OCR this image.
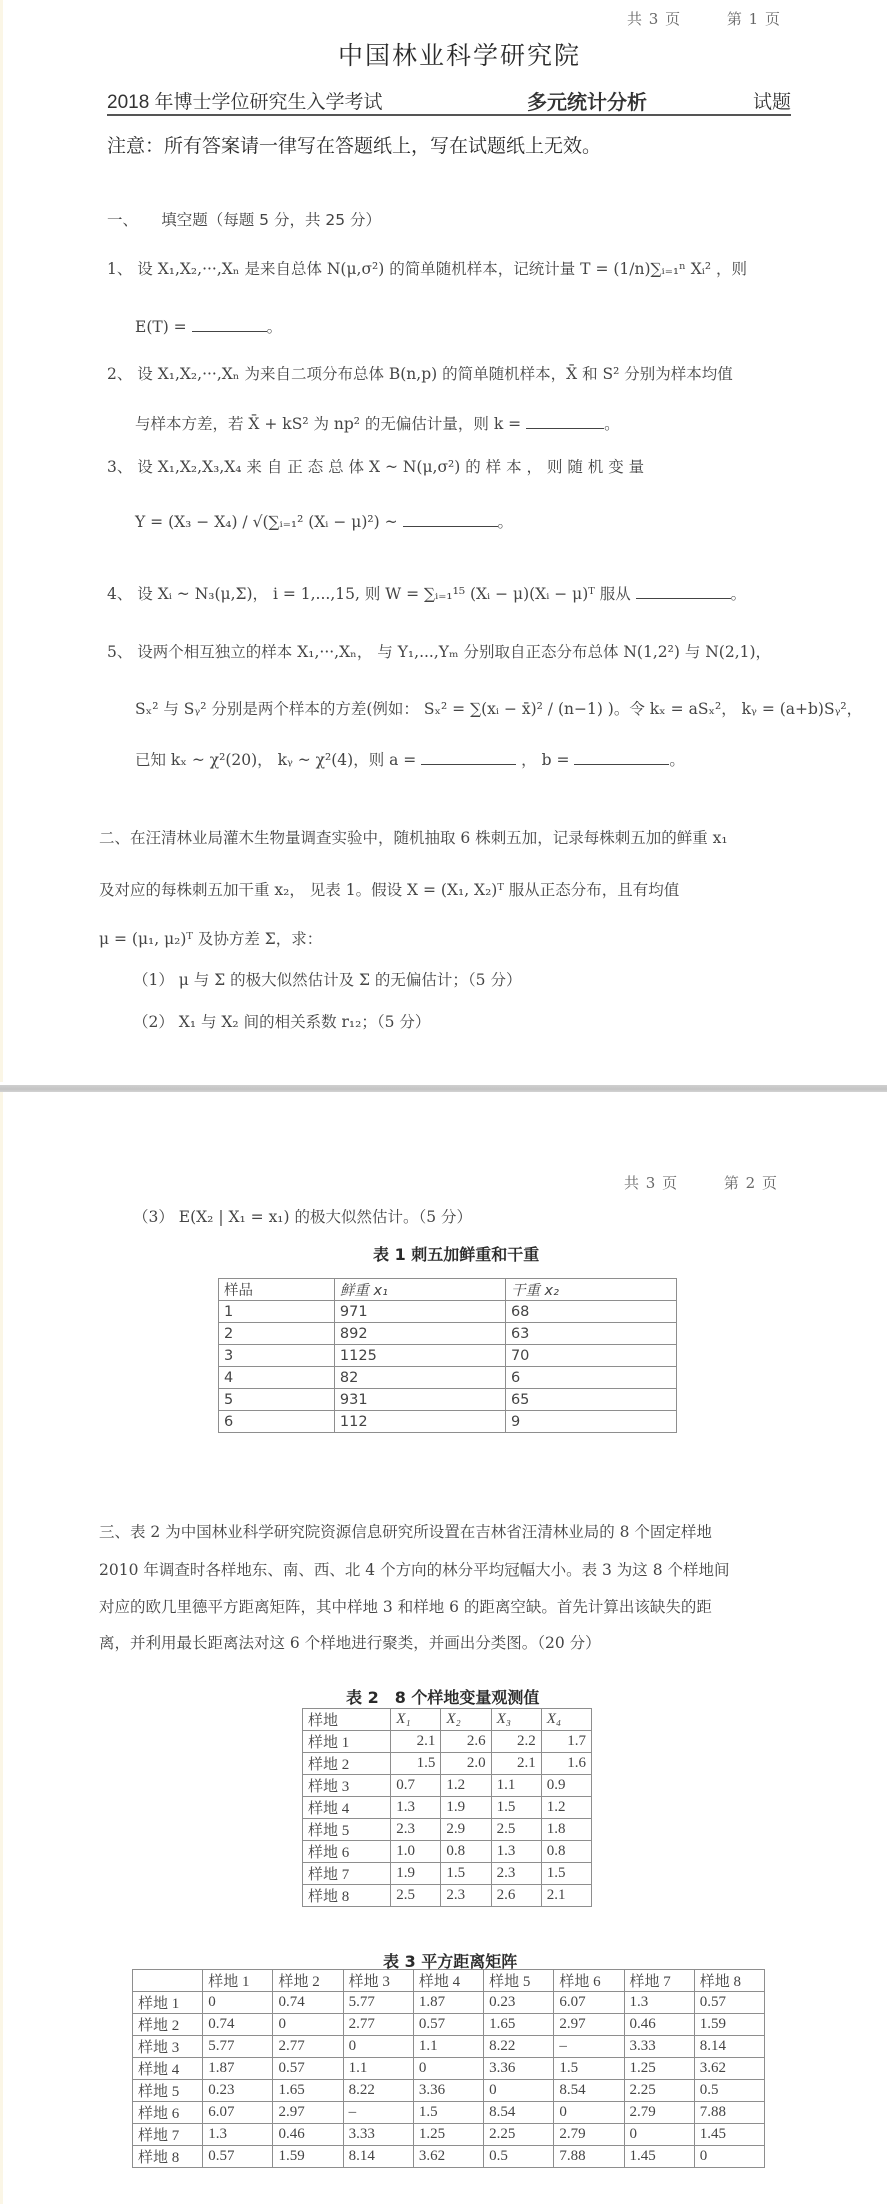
共 3 页	第 1 页
中国林业科学研究院
2018 年博士学位研究生入学考试	多元统计分析	试题
注意：所有答案请一律写在答题纸上，写在试题纸上无效。
一、　　填空题（每题 5 分，共 25 分）
1、 设 X₁,X₂,···,Xₙ 是来自总体 N(μ,σ²) 的简单随机样本，记统计量 T = (1/n)∑ᵢ₌₁ⁿ Xᵢ² ，则
E(T) =	。
2、 设 X₁,X₂,···,Xₙ 为来自二项分布总体 B(n,p) 的简单随机样本，X̄ 和 S² 分别为样本均值
与样本方差，若 X̄ + kS² 为 np² 的无偏估计量，则 k =	。
3、 设 X₁,X₂,X₃,X₄ 来 自 正 态 总 体 X ~ N(μ,σ²) 的 样 本 ， 则 随 机 变 量
Y = (X₃ − X₄) / √(∑ᵢ₌₁² (Xᵢ − μ)²) ~	。
4、 设 Xᵢ ~ N₃(μ,Σ)， i = 1,...,15, 则 W = ∑ᵢ₌₁¹⁵ (Xᵢ − μ)(Xᵢ − μ)ᵀ 服从	。
5、 设两个相互独立的样本 X₁,···,Xₙ， 与 Y₁,...,Yₘ 分别取自正态分布总体 N(1,2²) 与 N(2,1)，
Sₓ² 与 Sᵧ² 分别是两个样本的方差(例如： Sₓ² = ∑(xᵢ − x̄)² / (n−1) )。令 kₓ = aSₓ²， kᵧ = (a+b)Sᵧ²，
已知 kₓ ~ χ²(20)， kᵧ ~ χ²(4)，则 a =	， b =	。
二、在汪清林业局灌木生物量调查实验中，随机抽取 6 株刺五加，记录每株刺五加的鲜重 x₁
及对应的每株刺五加干重 x₂， 见表 1。假设 X = (X₁, X₂)ᵀ 服从正态分布，且有均值
μ = (μ₁, μ₂)ᵀ 及协方差 Σ，求：
（1） μ 与 Σ 的极大似然估计及 Σ 的无偏估计；（5 分）
（2） X₁ 与 X₂ 间的相关系数 r₁₂；（5 分）
共 3 页	第 2 页
（3） E(X₂ | X₁ = x₁) 的极大似然估计。（5 分）
表 1 刺五加鲜重和干重
样品	鲜重 x₁	干重 x₂
1	971	68
2	892	63
3	1125	70
4	82	6
5	931	65
6	112	9
三、表 2 为中国林业科学研究院资源信息研究所设置在吉林省汪清林业局的 8 个固定样地
2010 年调查时各样地东、南、西、北 4 个方向的林分平均冠幅大小。表 3 为这 8 个样地间
对应的欧几里德平方距离矩阵，其中样地 3 和样地 6 的距离空缺。首先计算出该缺失的距
离，并利用最长距离法对这 6 个样地进行聚类，并画出分类图。（20 分）
表 2　8 个样地变量观测值
样地	X₁	X₂	X₃	X₄
样地 1	2.1	2.6	2.2	1.7
样地 2	1.5	2.0	2.1	1.6
样地 3	0.7	1.2	1.1	0.9
样地 4	1.3	1.9	1.5	1.2
样地 5	2.3	2.9	2.5	1.8
样地 6	1.0	0.8	1.3	0.8
样地 7	1.9	1.5	2.3	1.5
样地 8	2.5	2.3	2.6	2.1
表 3 平方距离矩阵
	样地 1	样地 2	样地 3	样地 4	样地 5	样地 6	样地 7	样地 8
样地 1	0	0.74	5.77	1.87	0.23	6.07	1.3	0.57
样地 2	0.74	0	2.77	0.57	1.65	2.97	0.46	1.59
样地 3	5.77	2.77	0	1.1	8.22	–	3.33	8.14
样地 4	1.87	0.57	1.1	0	3.36	1.5	1.25	3.62
样地 5	0.23	1.65	8.22	3.36	0	8.54	2.25	0.5
样地 6	6.07	2.97	–	1.5	8.54	0	2.79	7.88
样地 7	1.3	0.46	3.33	1.25	2.25	2.79	0	1.45
样地 8	0.57	1.59	8.14	3.62	0.5	7.88	1.45	0
